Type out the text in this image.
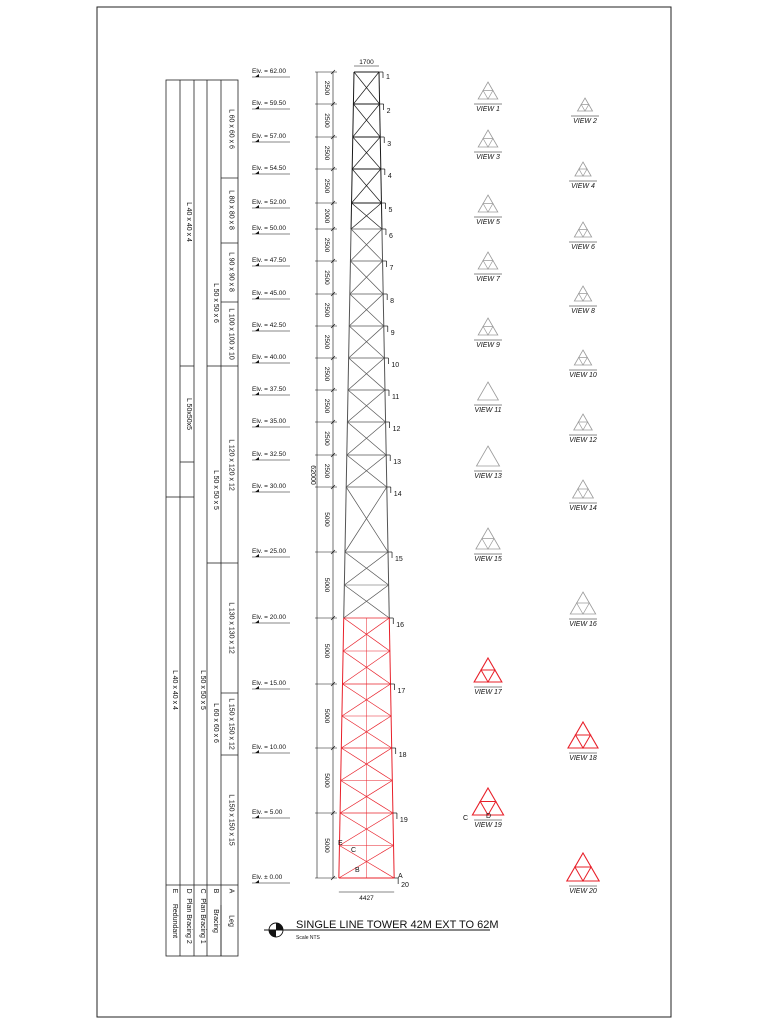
L 60 x 60 x 6
L 80 x 80 x 8
L 90 x 90 x 8
L 100 x 100 x 10
L 120 x 120 x 12
L 130 x 130 x 12
L 150 x 150 x 12
L 150 x 150 x 15
L 50 x 50 x 6
L 50 x 50 x 5
L 60 x 60 x 6
L 40 x 40 x 4
L 50x50x5
L 50 x 50 x 5
L 40 x 40 x 4
A
Leg
B
Bracing
C
Plan Bracing 1
D
Plan Bracing 2
E
Redundant
Elv. = 62.00
Elv. = 59.50
Elv. = 57.00
Elv. = 54.50
Elv. = 52.00
Elv. = 50.00
Elv. = 47.50
Elv. = 45.00
Elv. = 42.50
Elv. = 40.00
Elv. = 37.50
Elv. = 35.00
Elv. = 32.50
Elv. = 30.00
Elv. = 25.00
Elv. = 20.00
Elv. = 15.00
Elv. = 10.00
Elv. = 5.00
Elv. ± 0.00
2500
2500
2500
2500
2000
2500
2500
2500
2500
2500
2500
2500
2500
5000
5000
5000
5000
5000
5000
62000
1700
4427
E
C
B
A
1
2
3
4
5
6
7
8
9
10
11
12
13
14
15
16
17
18
19
20
VIEW 1
VIEW 2
VIEW 3
VIEW 4
VIEW 5
VIEW 6
VIEW 7
VIEW 8
VIEW 9
VIEW 10
VIEW 11
VIEW 12
VIEW 13
VIEW 14
VIEW 15
VIEW 16
VIEW 17
VIEW 18
VIEW 19
VIEW 20
C	D
SINGLE LINE TOWER 42M EXT TO 62M
Scale NTS
